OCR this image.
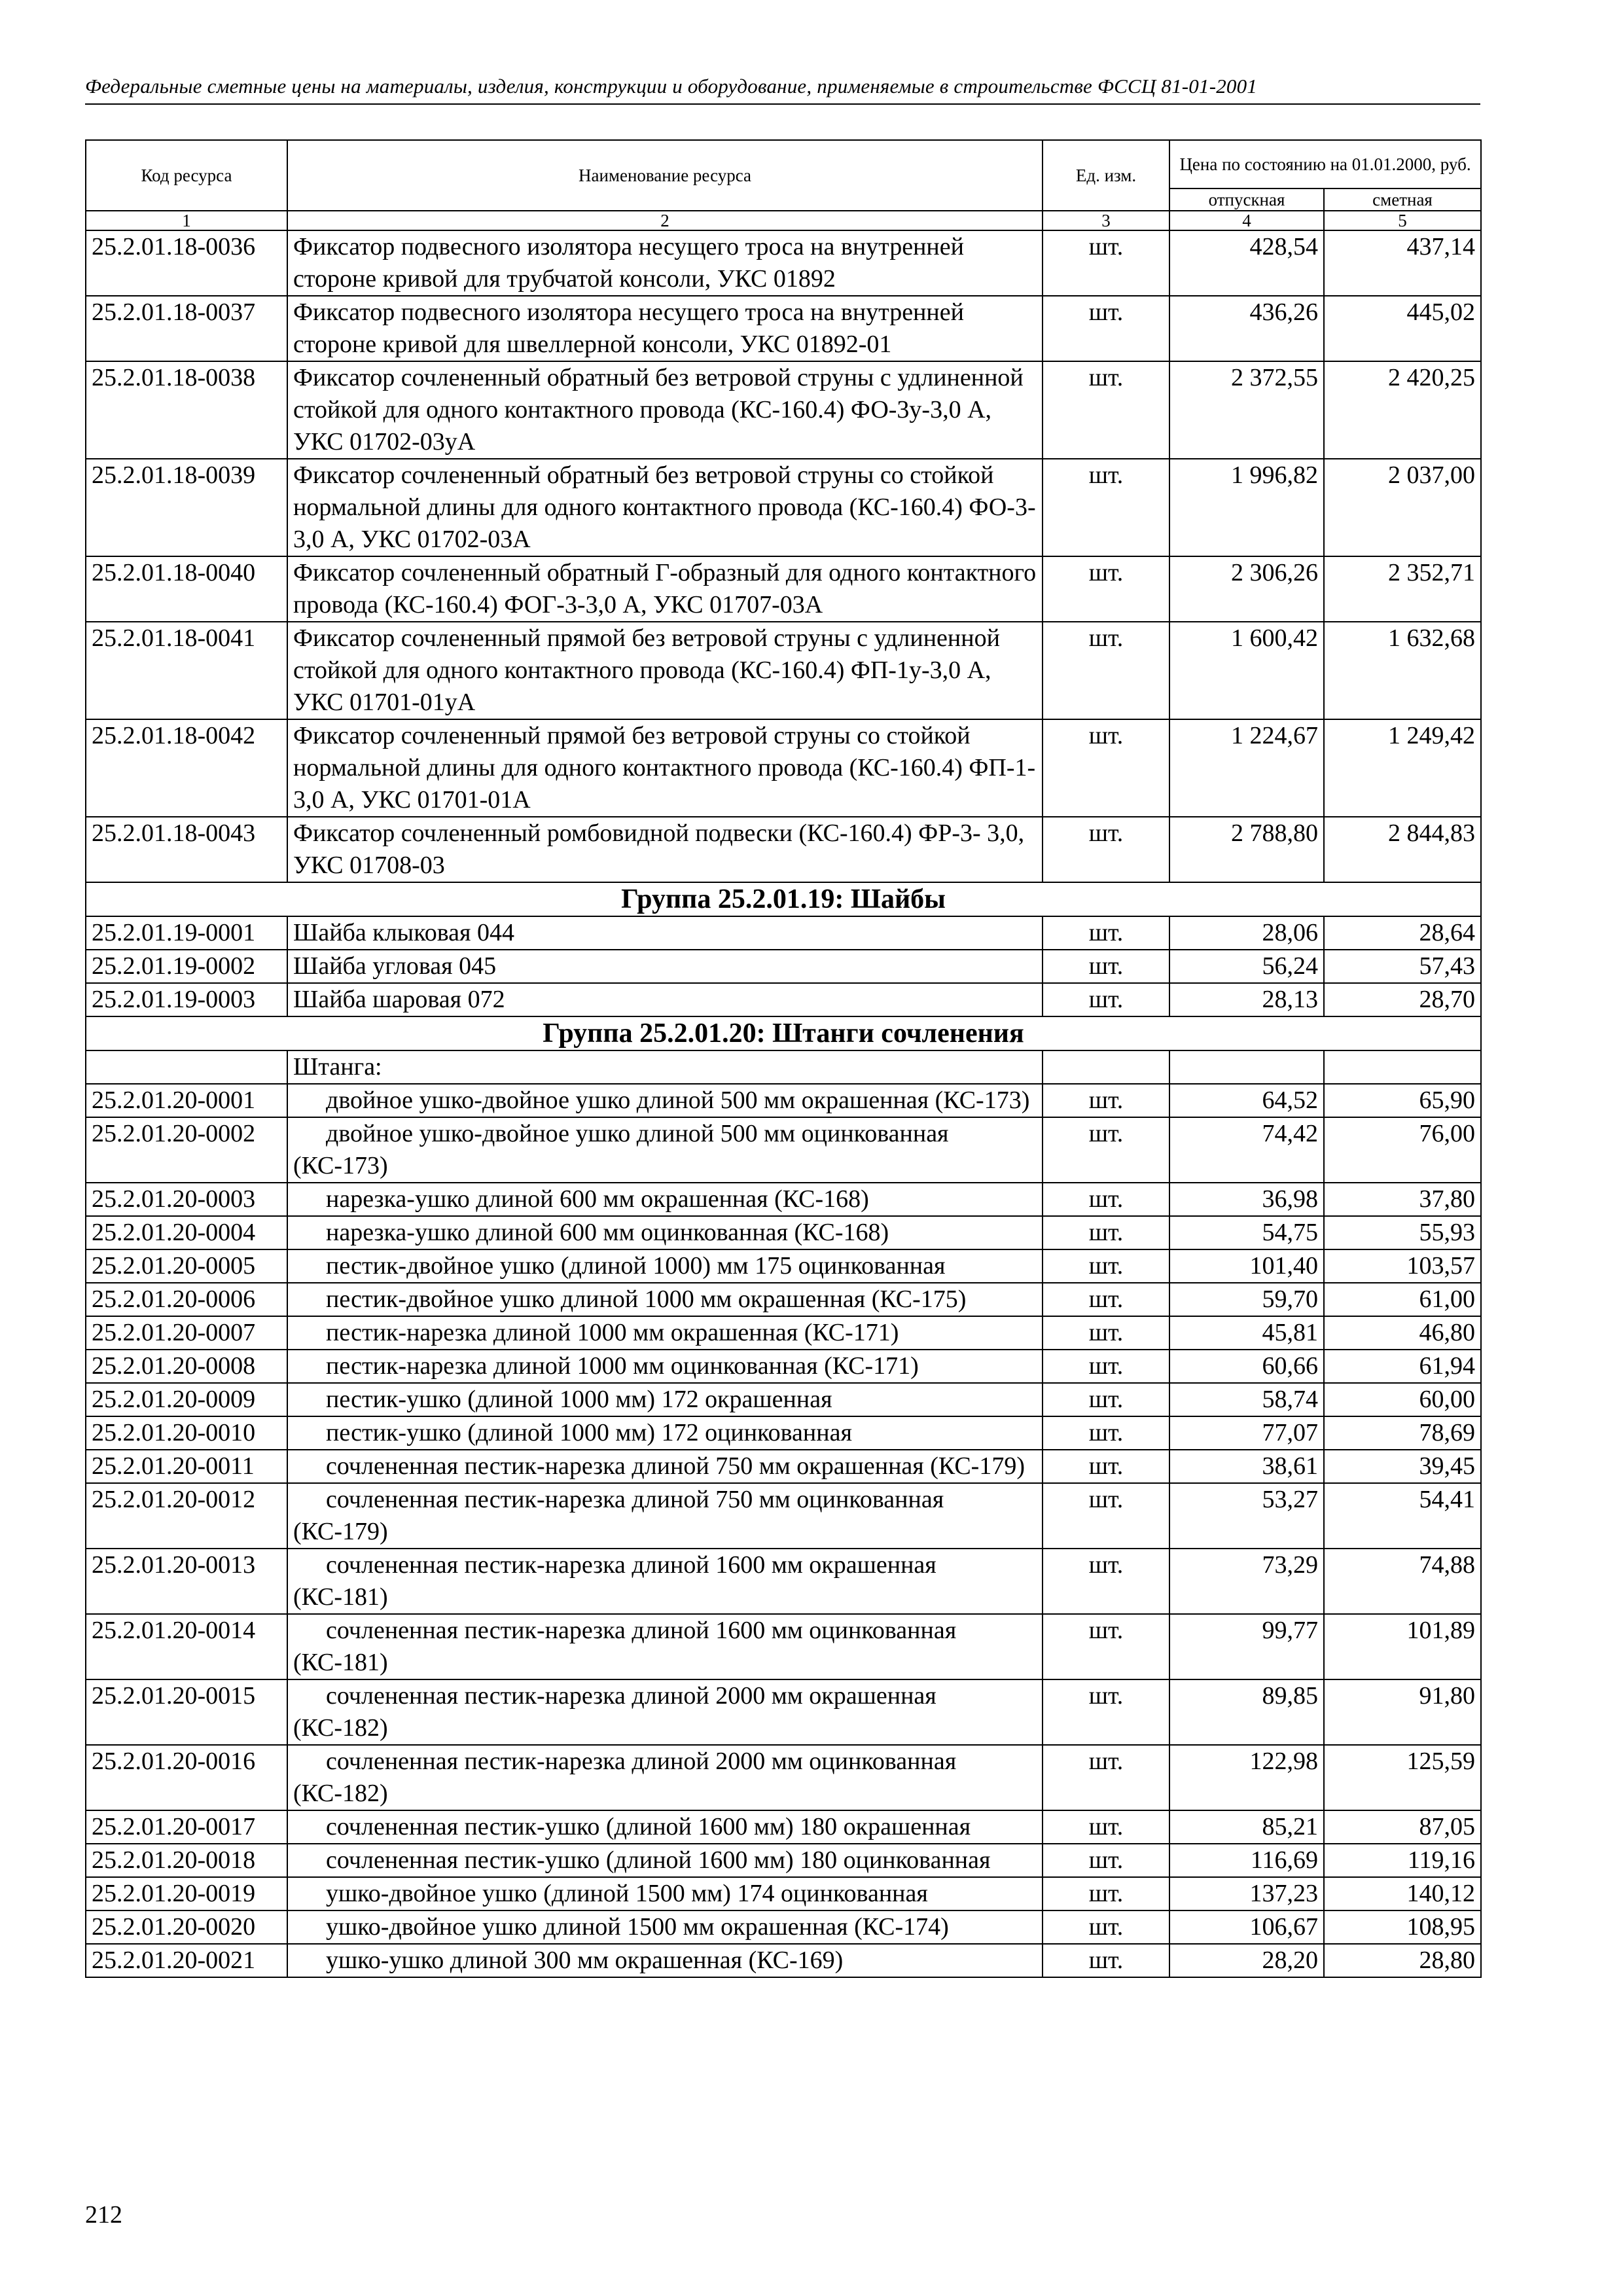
Федеральные сметные цены на материалы, изделия, конструкции и оборудование, применяемые в строительстве ФССЦ 81-01-2001
Код ресурса	Наименование ресурса	Ед. изм.	Цена по состоянию на 01.01.2000, руб.	
			отпускная	сметная
1	2	3	4	5
25.2.01.18-0036	Фиксатор подвесного изолятора несущего троса на внутренней стороне кривой для трубчатой консоли, УКС 01892	шт.	428,54	437,14
25.2.01.18-0037	Фиксатор подвесного изолятора несущего троса на внутренней стороне кривой для швеллерной консоли, УКС 01892-01	шт.	436,26	445,02
25.2.01.18-0038	Фиксатор сочлененный обратный без ветровой струны с удлиненной стойкой для одного контактного провода (КС-160.4) ФО-3у-3,0 А, УКС 01702-03уА	шт.	2 372,55	2 420,25
25.2.01.18-0039	Фиксатор сочлененный обратный без ветровой струны со стойкой нормальной длины для одного контактного провода (КС-160.4) ФО-3-3,0 А, УКС 01702-03А	шт.	1 996,82	2 037,00
25.2.01.18-0040	Фиксатор сочлененный обратный Г-образный для одного контактного провода (КС-160.4) ФОГ-3-3,0 А, УКС 01707-03А	шт.	2 306,26	2 352,71
25.2.01.18-0041	Фиксатор сочлененный прямой без ветровой струны с удлиненной стойкой для одного контактного провода (КС-160.4) ФП-1у-3,0 А, УКС 01701-01уА	шт.	1 600,42	1 632,68
25.2.01.18-0042	Фиксатор сочлененный прямой без ветровой струны со стойкой нормальной длины для одного контактного провода (КС-160.4) ФП-1-3,0 А, УКС 01701-01А	шт.	1 224,67	1 249,42
25.2.01.18-0043	Фиксатор сочлененный ромбовидной подвески (КС-160.4) ФР-3- 3,0, УКС 01708-03	шт.	2 788,80	2 844,83
Группа 25.2.01.19: Шайбы				
25.2.01.19-0001	Шайба клыковая 044	шт.	28,06	28,64
25.2.01.19-0002	Шайба угловая 045	шт.	56,24	57,43
25.2.01.19-0003	Шайба шаровая 072	шт.	28,13	28,70
Группа 25.2.01.20: Штанги сочленения				
	Штанга:			
25.2.01.20-0001	двойное ушко-двойное ушко длиной 500 мм окрашенная (КС-173)	шт.	64,52	65,90
25.2.01.20-0002	двойное ушко-двойное ушко длиной 500 мм оцинкованная (КС-173)	шт.	74,42	76,00
25.2.01.20-0003	нарезка-ушко длиной 600 мм окрашенная (КС-168)	шт.	36,98	37,80
25.2.01.20-0004	нарезка-ушко длиной 600 мм оцинкованная (КС-168)	шт.	54,75	55,93
25.2.01.20-0005	пестик-двойное ушко (длиной 1000) мм 175 оцинкованная	шт.	101,40	103,57
25.2.01.20-0006	пестик-двойное ушко длиной 1000 мм окрашенная (КС-175)	шт.	59,70	61,00
25.2.01.20-0007	пестик-нарезка длиной 1000 мм окрашенная (КС-171)	шт.	45,81	46,80
25.2.01.20-0008	пестик-нарезка длиной 1000 мм оцинкованная (КС-171)	шт.	60,66	61,94
25.2.01.20-0009	пестик-ушко (длиной 1000 мм) 172 окрашенная	шт.	58,74	60,00
25.2.01.20-0010	пестик-ушко (длиной 1000 мм) 172 оцинкованная	шт.	77,07	78,69
25.2.01.20-0011	сочлененная пестик-нарезка длиной 750 мм окрашенная (КС-179)	шт.	38,61	39,45
25.2.01.20-0012	сочлененная пестик-нарезка длиной 750 мм оцинкованная (КС-179)	шт.	53,27	54,41
25.2.01.20-0013	сочлененная пестик-нарезка длиной 1600 мм окрашенная (КС-181)	шт.	73,29	74,88
25.2.01.20-0014	сочлененная пестик-нарезка длиной 1600 мм оцинкованная (КС-181)	шт.	99,77	101,89
25.2.01.20-0015	сочлененная пестик-нарезка длиной 2000 мм окрашенная (КС-182)	шт.	89,85	91,80
25.2.01.20-0016	сочлененная пестик-нарезка длиной 2000 мм оцинкованная (КС-182)	шт.	122,98	125,59
25.2.01.20-0017	сочлененная пестик-ушко (длиной 1600 мм) 180 окрашенная	шт.	85,21	87,05
25.2.01.20-0018	сочлененная пестик-ушко (длиной 1600 мм) 180 оцинкованная	шт.	116,69	119,16
25.2.01.20-0019	ушко-двойное ушко (длиной 1500 мм) 174 оцинкованная	шт.	137,23	140,12
25.2.01.20-0020	ушко-двойное ушко длиной 1500 мм окрашенная (КС-174)	шт.	106,67	108,95
25.2.01.20-0021	ушко-ушко длиной 300 мм окрашенная (КС-169)	шт.	28,20	28,80
212
